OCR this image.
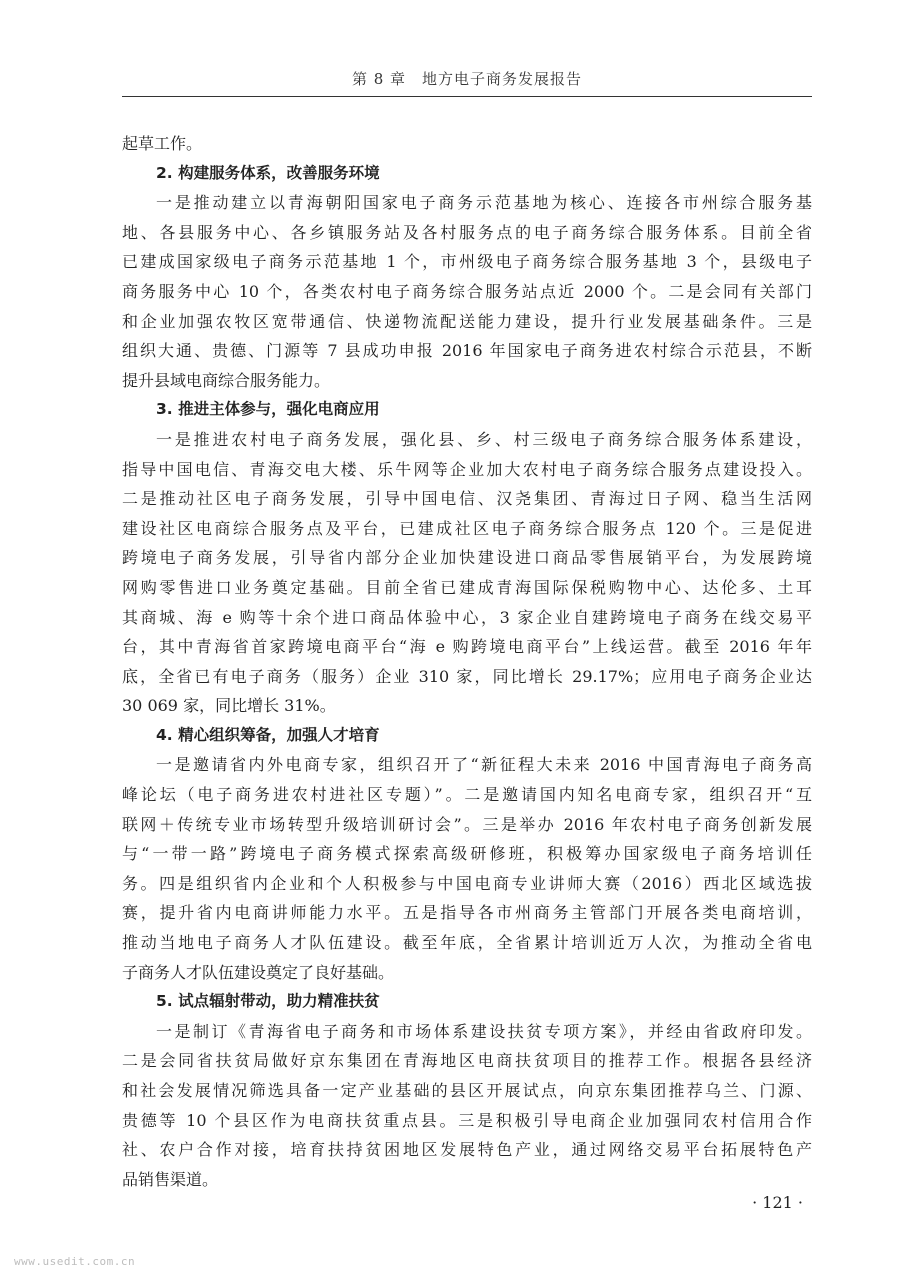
第 8 章　地方电子商务发展报告
起草工作。
2. 构建服务体系，改善服务环境
一是推动建立以青海朝阳国家电子商务示范基地为核心、连接各市州综合服务基
地、各县服务中心、各乡镇服务站及各村服务点的电子商务综合服务体系。目前全省
已建成国家级电子商务示范基地 1 个，市州级电子商务综合服务基地 3 个，县级电子
商务服务中心 10 个，各类农村电子商务综合服务站点近 2000 个。二是会同有关部门
和企业加强农牧区宽带通信、快递物流配送能力建设，提升行业发展基础条件。三是
组织大通、贵德、门源等 7 县成功申报 2016 年国家电子商务进农村综合示范县，不断
提升县域电商综合服务能力。
3. 推进主体参与，强化电商应用
一是推进农村电子商务发展，强化县、乡、村三级电子商务综合服务体系建设，
指导中国电信、青海交电大楼、乐牛网等企业加大农村电子商务综合服务点建设投入。
二是推动社区电子商务发展，引导中国电信、汉尧集团、青海过日子网、稳当生活网
建设社区电商综合服务点及平台，已建成社区电子商务综合服务点 120 个。三是促进
跨境电子商务发展，引导省内部分企业加快建设进口商品零售展销平台，为发展跨境
网购零售进口业务奠定基础。目前全省已建成青海国际保税购物中心、达伦多、土耳
其商城、海 e 购等十余个进口商品体验中心，3 家企业自建跨境电子商务在线交易平
台，其中青海省首家跨境电商平台“海 e 购跨境电商平台”上线运营。截至 2016 年年
底，全省已有电子商务（服务）企业 310 家，同比增长 29.17%；应用电子商务企业达
30 069 家，同比增长 31%。
4. 精心组织筹备，加强人才培育
一是邀请省内外电商专家，组织召开了“新征程大未来 2016 中国青海电子商务高
峰论坛（电子商务进农村进社区专题）”。二是邀请国内知名电商专家，组织召开“互
联网＋传统专业市场转型升级培训研讨会”。三是举办 2016 年农村电子商务创新发展
与“一带一路”跨境电子商务模式探索高级研修班，积极筹办国家级电子商务培训任
务。四是组织省内企业和个人积极参与中国电商专业讲师大赛（2016）西北区域选拔
赛，提升省内电商讲师能力水平。五是指导各市州商务主管部门开展各类电商培训，
推动当地电子商务人才队伍建设。截至年底，全省累计培训近万人次，为推动全省电
子商务人才队伍建设奠定了良好基础。
5. 试点辐射带动，助力精准扶贫
一是制订《青海省电子商务和市场体系建设扶贫专项方案》，并经由省政府印发。
二是会同省扶贫局做好京东集团在青海地区电商扶贫项目的推荐工作。根据各县经济
和社会发展情况筛选具备一定产业基础的县区开展试点，向京东集团推荐乌兰、门源、
贵德等 10 个县区作为电商扶贫重点县。三是积极引导电商企业加强同农村信用合作
社、农户合作对接，培育扶持贫困地区发展特色产业，通过网络交易平台拓展特色产
品销售渠道。
· 121 ·
www.usedit.com.cn
